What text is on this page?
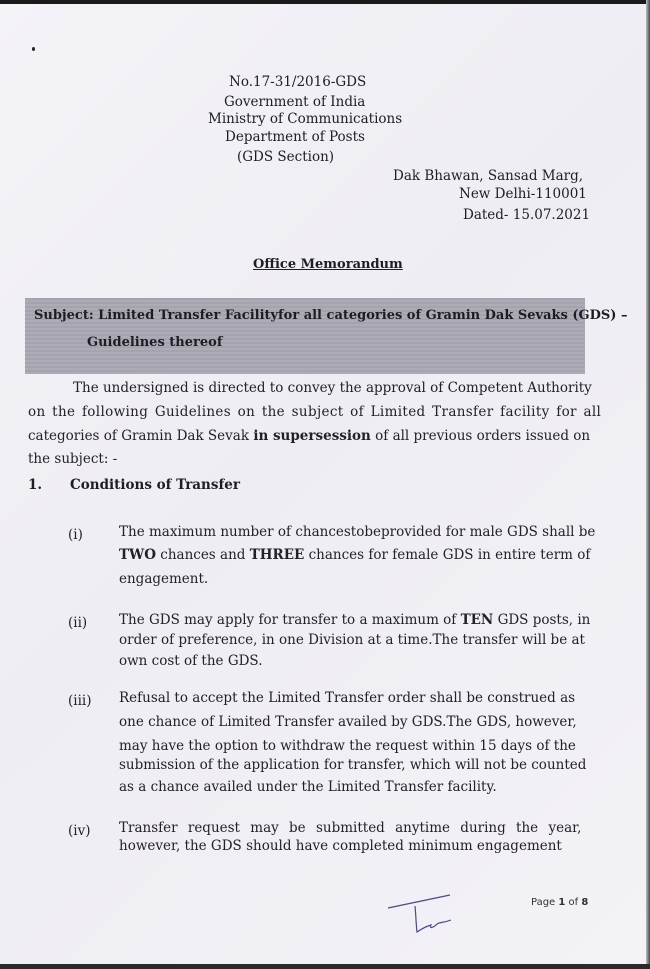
No.17-31/2016-GDS
Government of India
Ministry of Communications
Department of Posts
(GDS Section)
Dak Bhawan, Sansad Marg,
New Delhi-110001
Dated- 15.07.2021
Office Memorandum
Subject: Limited Transfer Facilityfor all categories of Gramin Dak Sevaks (GDS) –
Guidelines thereof
The undersigned is directed to convey the approval of Competent Authority
on the following Guidelines on the subject of Limited Transfer facility for all
categories of Gramin Dak Sevak in supersession of all previous orders issued on
the subject: -
1. Conditions of Transfer
(i)	The maximum number of chancestobeprovided for male GDS shall be
TWO chances and THREE chances for female GDS in entire term of
engagement.
(ii) The GDS may apply for transfer to a maximum of TEN GDS posts, in
order of preference, in one Division at a time.The transfer will be at
own cost of the GDS.
(iii) Refusal to accept the Limited Transfer order shall be construed as
one chance of Limited Transfer availed by GDS.The GDS, however,
may have the option to withdraw the request within 15 days of the
submission of the application for transfer, which will not be counted
as a chance availed under the Limited Transfer facility.
(iv) Transfer request may be submitted anytime during the year,
however, the GDS should have completed minimum engagement
Page 1 of 8
